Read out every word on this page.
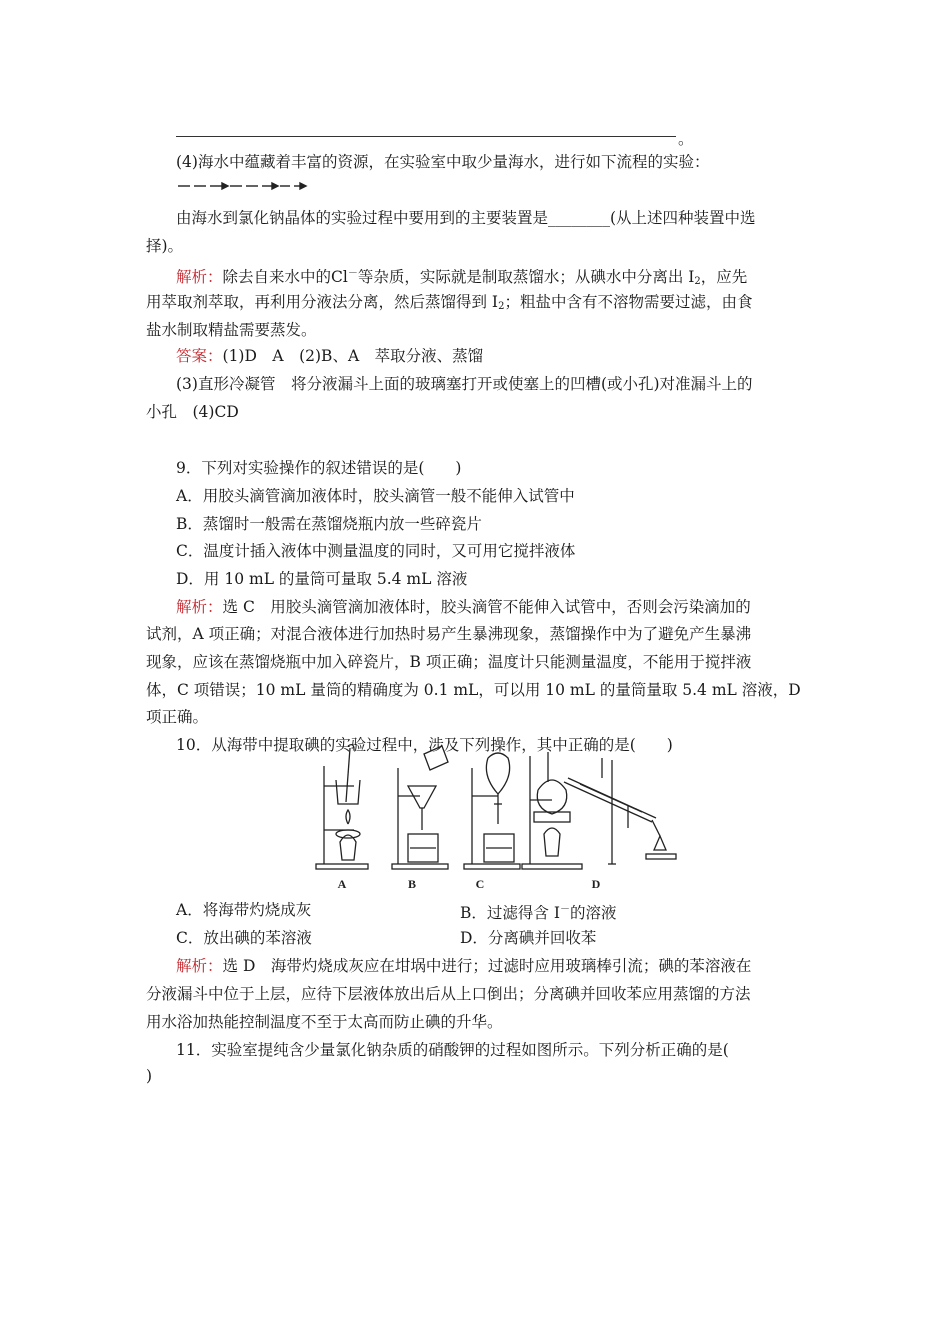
。
(4)海水中蕴藏着丰富的资源，在实验室中取少量海水，进行如下流程的实验：
由海水到氯化钠晶体的实验过程中要用到的主要装置是________(从上述四种装置中选
择)。
解析：除去自来水中的Cl－等杂质，实际就是制取蒸馏水；从碘水中分离出 $I_2$，应先
用萃取剂萃取，再利用分液法分离，然后蒸馏得到 $I_2$；粗盐中含有不溶物需要过滤，由食
盐水制取精盐需要蒸发。
答案：(1)D　A　(2)B、A　萃取分液、蒸馏
(3)直形冷凝管　将分液漏斗上面的玻璃塞打开或使塞上的凹槽(或小孔)对准漏斗上的
小孔　(4)CD
9．下列对实验操作的叙述错误的是(　　)
A．用胶头滴管滴加液体时，胶头滴管一般不能伸入试管中
B．蒸馏时一般需在蒸馏烧瓶内放一些碎瓷片
C．温度计插入液体中测量温度的同时，又可用它搅拌液体
D．用 10 mL 的量筒可量取 5.4 mL 溶液
解析：选 C　用胶头滴管滴加液体时，胶头滴管不能伸入试管中，否则会污染滴加的
试剂，A 项正确；对混合液体进行加热时易产生暴沸现象，蒸馏操作中为了避免产生暴沸
现象，应该在蒸馏烧瓶中加入碎瓷片，B 项正确；温度计只能测量温度，不能用于搅拌液
体，C 项错误；10 mL 量筒的精确度为 0.1 mL，可以用 10 mL 的量筒量取 5.4 mL 溶液，D
项正确。
10．从海带中提取碘的实验过程中，涉及下列操作，其中正确的是(　　)
A	B	C	D
A．将海带灼烧成灰	B．过滤得含 I－的溶液
C．放出碘的苯溶液	D．分离碘并回收苯
解析：选 D　海带灼烧成灰应在坩埚中进行；过滤时应用玻璃棒引流；碘的苯溶液在
分液漏斗中位于上层，应待下层液体放出后从上口倒出；分离碘并回收苯应用蒸馏的方法
用水浴加热能控制温度不至于太高而防止碘的升华。
11．实验室提纯含少量氯化钠杂质的硝酸钾的过程如图所示。下列分析正确的是(
)
